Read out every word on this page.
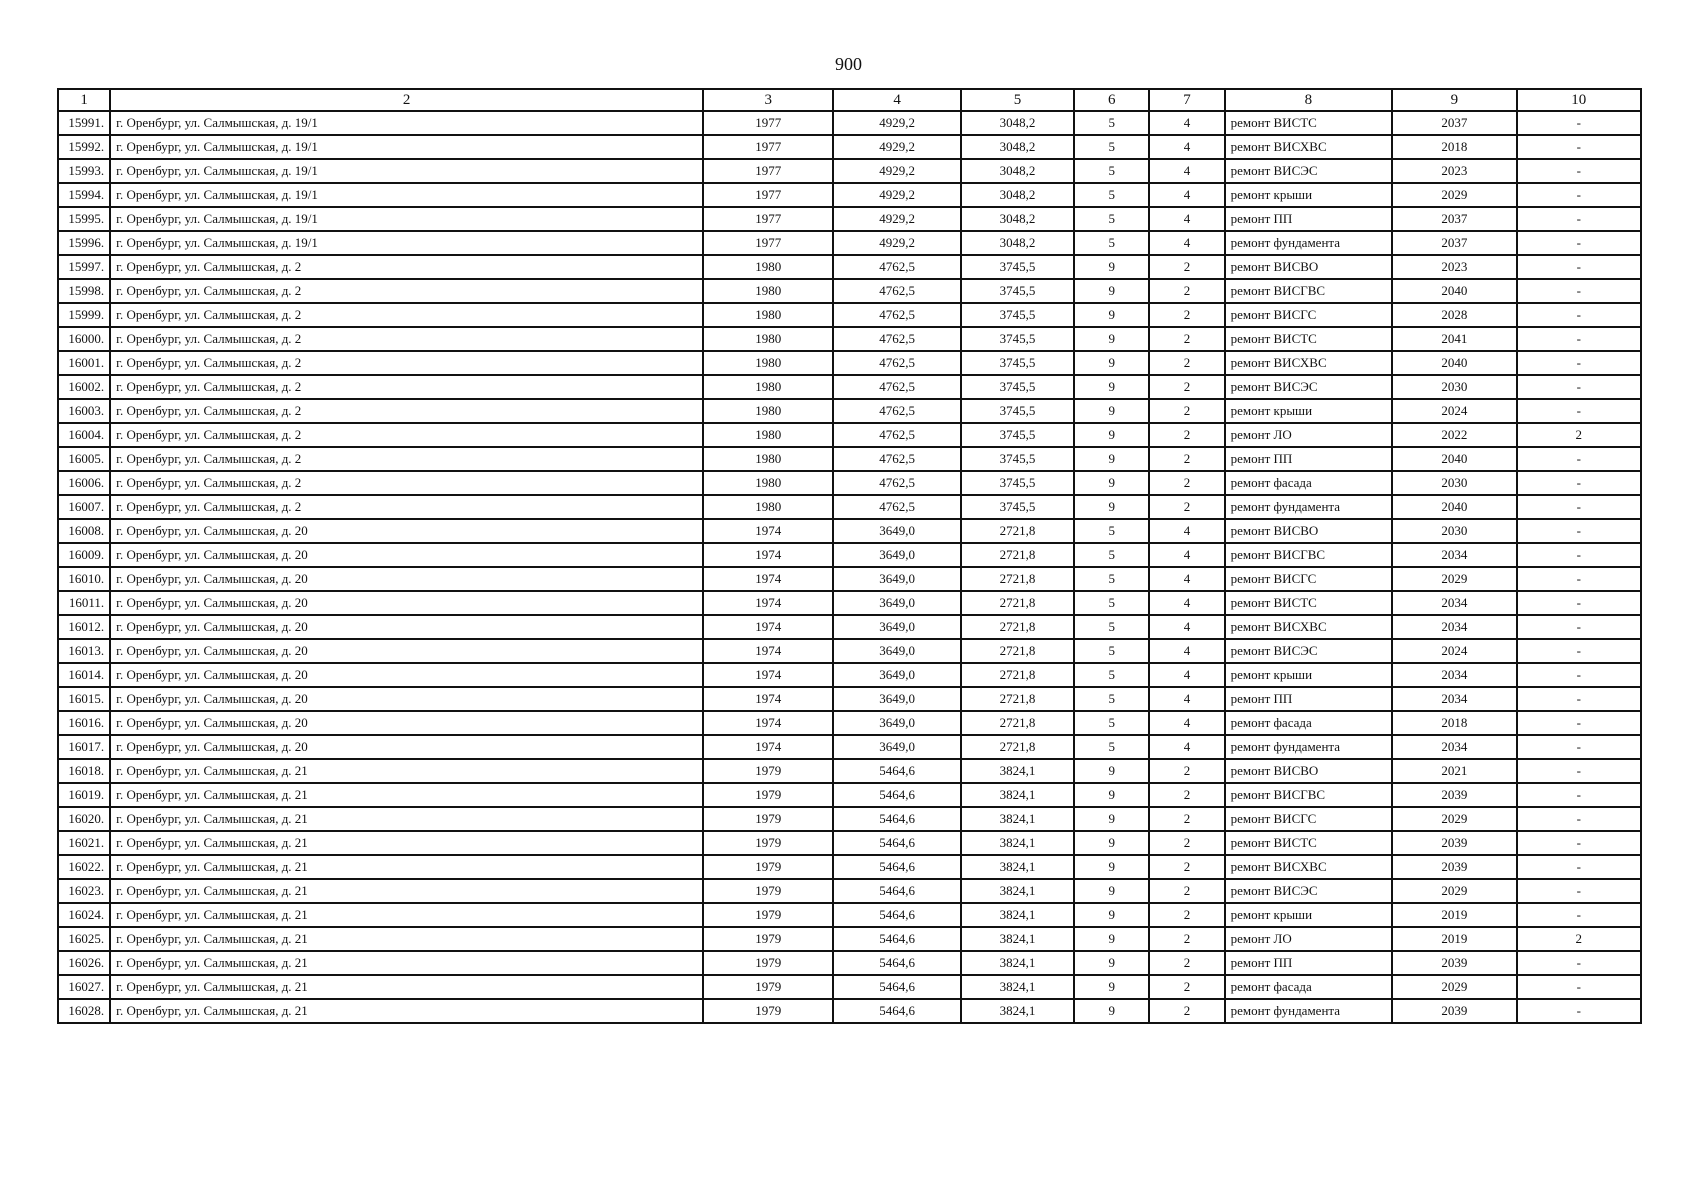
900
1	2	3	4	5	6	7	8	9	10
15991.	г. Оренбург, ул. Салмышская, д. 19/1	1977	4929,2	3048,2	5	4	ремонт ВИСТС	2037	-
15992.	г. Оренбург, ул. Салмышская, д. 19/1	1977	4929,2	3048,2	5	4	ремонт ВИСХВС	2018	-
15993.	г. Оренбург, ул. Салмышская, д. 19/1	1977	4929,2	3048,2	5	4	ремонт ВИСЭС	2023	-
15994.	г. Оренбург, ул. Салмышская, д. 19/1	1977	4929,2	3048,2	5	4	ремонт крыши	2029	-
15995.	г. Оренбург, ул. Салмышская, д. 19/1	1977	4929,2	3048,2	5	4	ремонт ПП	2037	-
15996.	г. Оренбург, ул. Салмышская, д. 19/1	1977	4929,2	3048,2	5	4	ремонт фундамента	2037	-
15997.	г. Оренбург, ул. Салмышская, д. 2	1980	4762,5	3745,5	9	2	ремонт ВИСВО	2023	-
15998.	г. Оренбург, ул. Салмышская, д. 2	1980	4762,5	3745,5	9	2	ремонт ВИСГВС	2040	-
15999.	г. Оренбург, ул. Салмышская, д. 2	1980	4762,5	3745,5	9	2	ремонт ВИСГС	2028	-
16000.	г. Оренбург, ул. Салмышская, д. 2	1980	4762,5	3745,5	9	2	ремонт ВИСТС	2041	-
16001.	г. Оренбург, ул. Салмышская, д. 2	1980	4762,5	3745,5	9	2	ремонт ВИСХВС	2040	-
16002.	г. Оренбург, ул. Салмышская, д. 2	1980	4762,5	3745,5	9	2	ремонт ВИСЭС	2030	-
16003.	г. Оренбург, ул. Салмышская, д. 2	1980	4762,5	3745,5	9	2	ремонт крыши	2024	-
16004.	г. Оренбург, ул. Салмышская, д. 2	1980	4762,5	3745,5	9	2	ремонт ЛО	2022	2
16005.	г. Оренбург, ул. Салмышская, д. 2	1980	4762,5	3745,5	9	2	ремонт ПП	2040	-
16006.	г. Оренбург, ул. Салмышская, д. 2	1980	4762,5	3745,5	9	2	ремонт фасада	2030	-
16007.	г. Оренбург, ул. Салмышская, д. 2	1980	4762,5	3745,5	9	2	ремонт фундамента	2040	-
16008.	г. Оренбург, ул. Салмышская, д. 20	1974	3649,0	2721,8	5	4	ремонт ВИСВО	2030	-
16009.	г. Оренбург, ул. Салмышская, д. 20	1974	3649,0	2721,8	5	4	ремонт ВИСГВС	2034	-
16010.	г. Оренбург, ул. Салмышская, д. 20	1974	3649,0	2721,8	5	4	ремонт ВИСГС	2029	-
16011.	г. Оренбург, ул. Салмышская, д. 20	1974	3649,0	2721,8	5	4	ремонт ВИСТС	2034	-
16012.	г. Оренбург, ул. Салмышская, д. 20	1974	3649,0	2721,8	5	4	ремонт ВИСХВС	2034	-
16013.	г. Оренбург, ул. Салмышская, д. 20	1974	3649,0	2721,8	5	4	ремонт ВИСЭС	2024	-
16014.	г. Оренбург, ул. Салмышская, д. 20	1974	3649,0	2721,8	5	4	ремонт крыши	2034	-
16015.	г. Оренбург, ул. Салмышская, д. 20	1974	3649,0	2721,8	5	4	ремонт ПП	2034	-
16016.	г. Оренбург, ул. Салмышская, д. 20	1974	3649,0	2721,8	5	4	ремонт фасада	2018	-
16017.	г. Оренбург, ул. Салмышская, д. 20	1974	3649,0	2721,8	5	4	ремонт фундамента	2034	-
16018.	г. Оренбург, ул. Салмышская, д. 21	1979	5464,6	3824,1	9	2	ремонт ВИСВО	2021	-
16019.	г. Оренбург, ул. Салмышская, д. 21	1979	5464,6	3824,1	9	2	ремонт ВИСГВС	2039	-
16020.	г. Оренбург, ул. Салмышская, д. 21	1979	5464,6	3824,1	9	2	ремонт ВИСГС	2029	-
16021.	г. Оренбург, ул. Салмышская, д. 21	1979	5464,6	3824,1	9	2	ремонт ВИСТС	2039	-
16022.	г. Оренбург, ул. Салмышская, д. 21	1979	5464,6	3824,1	9	2	ремонт ВИСХВС	2039	-
16023.	г. Оренбург, ул. Салмышская, д. 21	1979	5464,6	3824,1	9	2	ремонт ВИСЭС	2029	-
16024.	г. Оренбург, ул. Салмышская, д. 21	1979	5464,6	3824,1	9	2	ремонт крыши	2019	-
16025.	г. Оренбург, ул. Салмышская, д. 21	1979	5464,6	3824,1	9	2	ремонт ЛО	2019	2
16026.	г. Оренбург, ул. Салмышская, д. 21	1979	5464,6	3824,1	9	2	ремонт ПП	2039	-
16027.	г. Оренбург, ул. Салмышская, д. 21	1979	5464,6	3824,1	9	2	ремонт фасада	2029	-
16028.	г. Оренбург, ул. Салмышская, д. 21	1979	5464,6	3824,1	9	2	ремонт фундамента	2039	-
